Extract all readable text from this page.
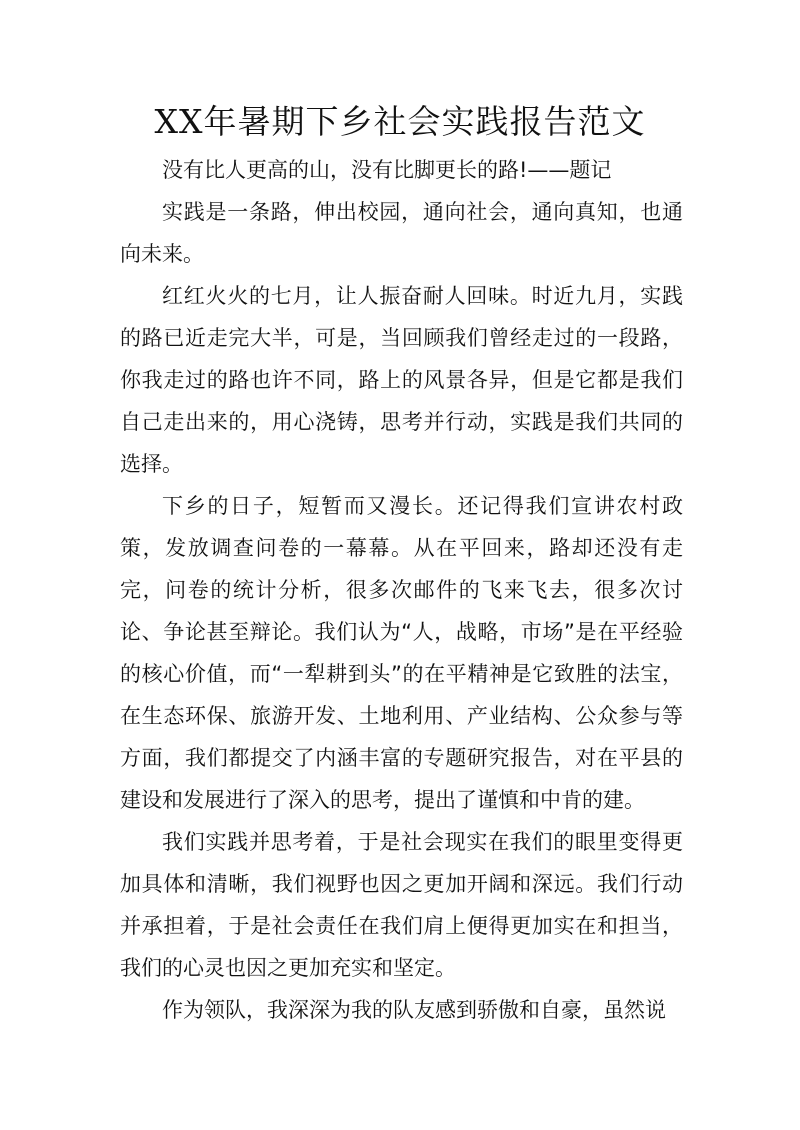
XX年暑期下乡社会实践报告范文

没有比人更高的山，没有比脚更长的路!——题记

实践是一条路，伸出校园，通向社会，通向真知，也通向未来。

红红火火的七月，让人振奋耐人回味。时近九月，实践的路已近走完大半，可是，当回顾我们曾经走过的一段路，你我走过的路也许不同，路上的风景各异，但是它都是我们自己走出来的，用心浇铸，思考并行动，实践是我们共同的选择。

下乡的日子，短暂而又漫长。还记得我们宣讲农村政策，发放调查问卷的一幕幕。从在平回来，路却还没有走完，问卷的统计分析，很多次邮件的飞来飞去，很多次讨论、争论甚至辩论。我们认为“人，战略，市场”是在平经验的核心价值，而“一犁耕到头”的在平精神是它致胜的法宝，在生态环保、旅游开发、土地利用、产业结构、公众参与等方面，我们都提交了内涵丰富的专题研究报告，对在平县的建设和发展进行了深入的思考，提出了谨慎和中肯的建。

我们实践并思考着，于是社会现实在我们的眼里变得更加具体和清晰，我们视野也因之更加开阔和深远。我们行动并承担着，于是社会责任在我们肩上便得更加实在和担当，我们的心灵也因之更加充实和坚定。

作为领队，我深深为我的队友感到骄傲和自豪，虽然说
